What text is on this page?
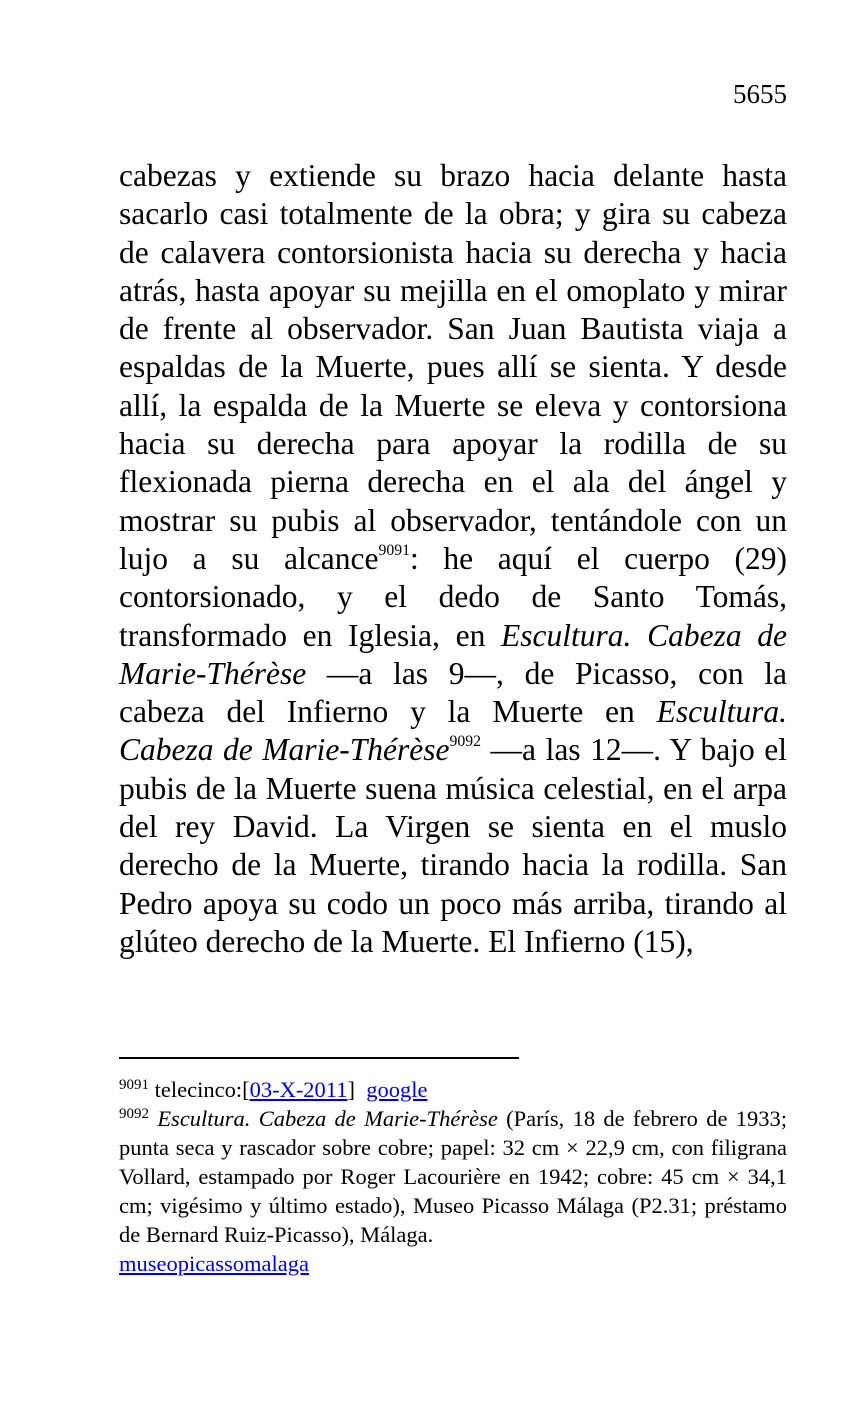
5655

cabezas y extiende su brazo hacia delante hasta sacarlo casi totalmente de la obra; y gira su cabeza de calavera contorsionista hacia su derecha y hacia atrás, hasta apoyar su mejilla en el omoplato y mirar de frente al observador. San Juan Bautista viaja a espaldas de la Muerte, pues allí se sienta. Y desde allí, la espalda de la Muerte se eleva y contorsiona hacia su derecha para apoyar la rodilla de su flexionada pierna derecha en el ala del ángel y mostrar su pubis al observador, tentándole con un lujo a su alcance$^{9091}$: he aquí el cuerpo (29) contorsionado, y el dedo de Santo Tomás, transformado en Iglesia, en Escultura. Cabeza de Marie-Thérèse —a las 9—, de Picasso, con la cabeza del Infierno y la Muerte en Escultura. Cabeza de Marie-Thérèse$^{9092}$ —a las 12—. Y bajo el pubis de la Muerte suena música celestial, en el arpa del rey David. La Virgen se sienta en el muslo derecho de la Muerte, tirando hacia la rodilla. San Pedro apoya su codo un poco más arriba, tirando al glúteo derecho de la Muerte. El Infierno (15),

$^{9091}$ telecinco:[03-X-2011] google

$^{9092}$ Escultura. Cabeza de Marie-Thérèse (París, 18 de febrero de 1933; punta seca y rascador sobre cobre; papel: 32 cm × 22,9 cm, con filigrana Vollard, estampado por Roger Lacourière en 1942; cobre: 45 cm × 34,1 cm; vigésimo y último estado), Museo Picasso Málaga (P2.31; préstamo de Bernard Ruiz-Picasso), Málaga.

museopicassomalaga
